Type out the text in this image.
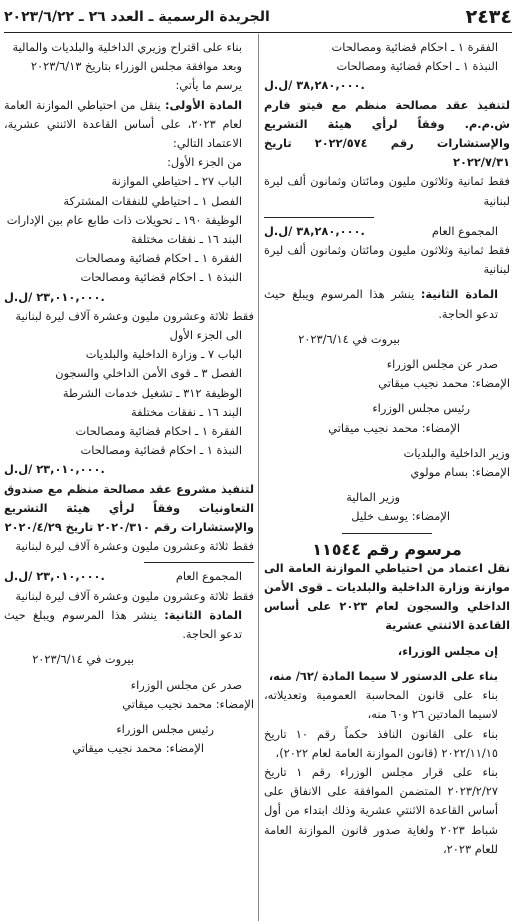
٢٤٣٤
الجريدة الرسمية ـ العدد ٢٦ ـ ٢٠٢٣/٦/٢٢

الفقرة ١ ـ احكام قضائية ومصالحات

النبذة ١ ـ احكام قضائية ومصالحات

٣٨,٢٨٠,٠٠٠ /ل.ل.

لتنفيذ عقد مصالحة منظم مع فيتو فارم ش.م.م. وفقاً لرأي هيئة التشريع والإستشارات رقم ٢٠٢٢/٥٧٤ تاريخ ٢٠٢٢/٧/٣١

فقط ثمانية وثلاثون مليون ومائتان وثمانون ألف ليرة لبنانية

المجموع العام
٣٨,٢٨٠,٠٠٠ /ل.ل.

فقط ثمانية وثلاثون مليون ومائتان وثمانون ألف ليرة لبنانية

المادة الثانية: ينشر هذا المرسوم ويبلغ حيث تدعو الحاجة.

بيروت في ٢٠٢٣/٦/١٤

صدر عن مجلس الوزراء

الإمضاء: محمد نجيب ميقاتي

رئيس مجلس الوزراء

الإمضاء: محمد نجيب ميقاتي

وزير الداخلية والبلديات

الإمضاء: بسام مولوي

وزير المالية

الإمضاء: يوسف خليل

مرسوم رقم ١١٥٤٤

نقل اعتماد من احتياطي الموازنة العامة الى موازنة وزارة الداخلية والبلديات ـ قوى الأمن الداخلي والسجون لعام ٢٠٢٣ على أساس القاعدة الاثنتي عشرية

إن مجلس الوزراء،

بناء على الدستور لا سيما المادة /٦٢/ منه،

بناء على قانون المحاسبة العمومية وتعديلاته، لاسيما المادتين ٢٦ و٦٠ منه،

بناء على القانون النافذ حكماً رقم ١٠ تاريخ ٢٠٢٢/١١/١٥ (قانون الموازنة العامة لعام ٢٠٢٢)،

بناء على قرار مجلس الوزراء رقم ١ تاريخ ٢٠٢٣/٢/٢٧ المتضمن الموافقة على الانفاق على أساس القاعدة الاثنتي عشرية وذلك ابتداء من أول شباط ٢٠٢٣ ولغاية صدور قانون الموازنة العامة للعام ٢٠٢٣،

بناء على اقتراح وزيري الداخلية والبلديات والمالية

وبعد موافقة مجلس الوزراء بتاريخ ٢٠٢٣/٦/١٣

يرسم ما يأتي:

المادة الأولى: ينقل من احتياطي الموازنة العامة لعام ٢٠٢٣، على أساس القاعدة الاثنتي عشرية، الاعتماد التالي:

من الجزء الأول:

الباب ٢٧ ـ احتياطي الموازنة

الفصل ١ ـ احتياطي للنفقات المشتركة

الوظيفة ١٩٠ ـ تحويلات ذات طابع عام بين الإدارات

البند ١٦ ـ نفقات مختلفة

الفقرة ١ ـ احكام قضائية ومصالحات

النبذة ١ ـ احكام قضائية ومصالحات

٢٣,٠١٠,٠٠٠ /ل.ل.

فقط ثلاثة وعشرون مليون وعشرة آلاف ليرة لبنانية

الى الجزء الأول

الباب ٧ ـ وزارة الداخلية والبلديات

الفصل ٣ ـ قوى الأمن الداخلي والسجون

الوظيفة ٣١٢ ـ تشغيل خدمات الشرطة

البند ١٦ ـ نفقات مختلفة

الفقرة ١ ـ احكام قضائية ومصالحات

النبذة ١ ـ احكام قضائية ومصالحات

٢٣,٠١٠,٠٠٠ /ل.ل.

لتنفيذ مشروع عقد مصالحة منظم مع صندوق التعاونيات وفقاً لرأي هيئة التشريع والإستشارات رقم ٢٠٢٠/٣١٠ تاريخ ٢٠٢٠/٤/٢٩

فقط ثلاثة وعشرون مليون وعشرة آلاف ليرة لبنانية

المجموع العام
٢٣,٠١٠,٠٠٠ /ل.ل.

فقط ثلاثة وعشرون مليون وعشرة آلاف ليرة لبنانية

المادة الثانية: ينشر هذا المرسوم ويبلغ حيث تدعو الحاجة.

بيروت في ٢٠٢٣/٦/١٤

صدر عن مجلس الوزراء

الإمضاء: محمد نجيب ميقاتي

رئيس مجلس الوزراء

الإمضاء: محمد نجيب ميقاتي
